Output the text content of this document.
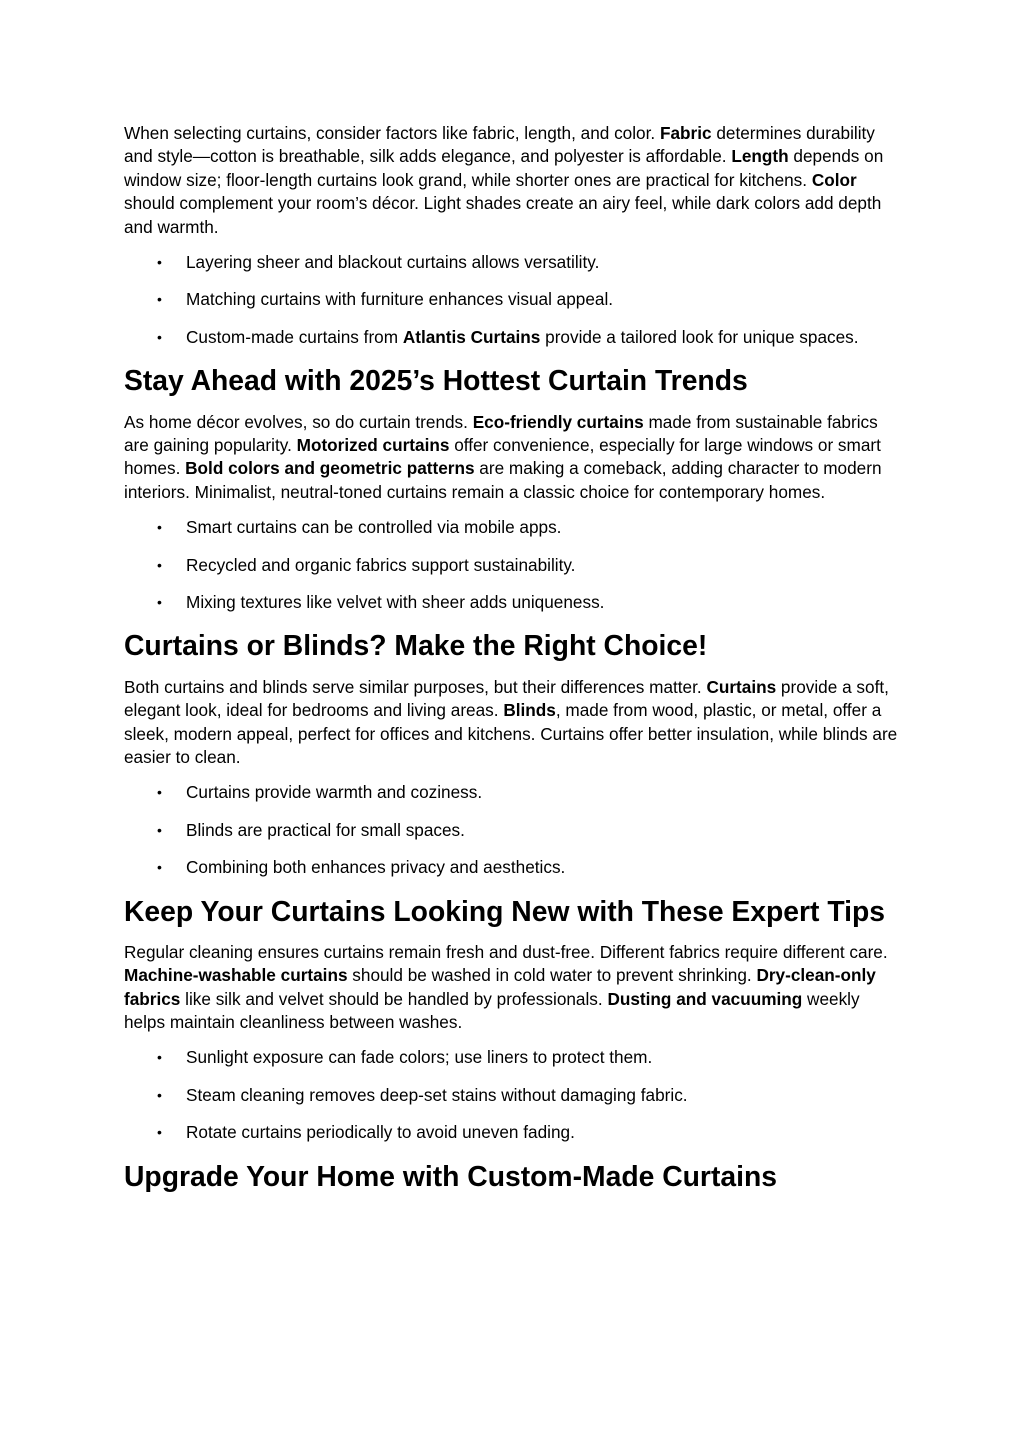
When selecting curtains, consider factors like fabric, length, and color. Fabric determines durability and style—cotton is breathable, silk adds elegance, and polyester is affordable. Length depends on window size; floor-length curtains look grand, while shorter ones are practical for kitchens. Color should complement your room’s décor. Light shades create an airy feel, while dark colors add depth and warmth.

• Layering sheer and blackout curtains allows versatility.
• Matching curtains with furniture enhances visual appeal.
• Custom-made curtains from Atlantis Curtains provide a tailored look for unique spaces.
Stay Ahead with 2025’s Hottest Curtain Trends

As home décor evolves, so do curtain trends. Eco-friendly curtains made from sustainable fabrics are gaining popularity. Motorized curtains offer convenience, especially for large windows or smart homes. Bold colors and geometric patterns are making a comeback, adding character to modern interiors. Minimalist, neutral-toned curtains remain a classic choice for contemporary homes.

• Smart curtains can be controlled via mobile apps.
• Recycled and organic fabrics support sustainability.
• Mixing textures like velvet with sheer adds uniqueness.
Curtains or Blinds? Make the Right Choice!

Both curtains and blinds serve similar purposes, but their differences matter. Curtains provide a soft, elegant look, ideal for bedrooms and living areas. Blinds, made from wood, plastic, or metal, offer a sleek, modern appeal, perfect for offices and kitchens. Curtains offer better insulation, while blinds are easier to clean.

• Curtains provide warmth and coziness.
• Blinds are practical for small spaces.
• Combining both enhances privacy and aesthetics.
Keep Your Curtains Looking New with These Expert Tips

Regular cleaning ensures curtains remain fresh and dust-free. Different fabrics require different care. Machine-washable curtains should be washed in cold water to prevent shrinking. Dry-clean-only fabrics like silk and velvet should be handled by professionals. Dusting and vacuuming weekly helps maintain cleanliness between washes.

• Sunlight exposure can fade colors; use liners to protect them.
• Steam cleaning removes deep-set stains without damaging fabric.
• Rotate curtains periodically to avoid uneven fading.
Upgrade Your Home with Custom-Made Curtains
